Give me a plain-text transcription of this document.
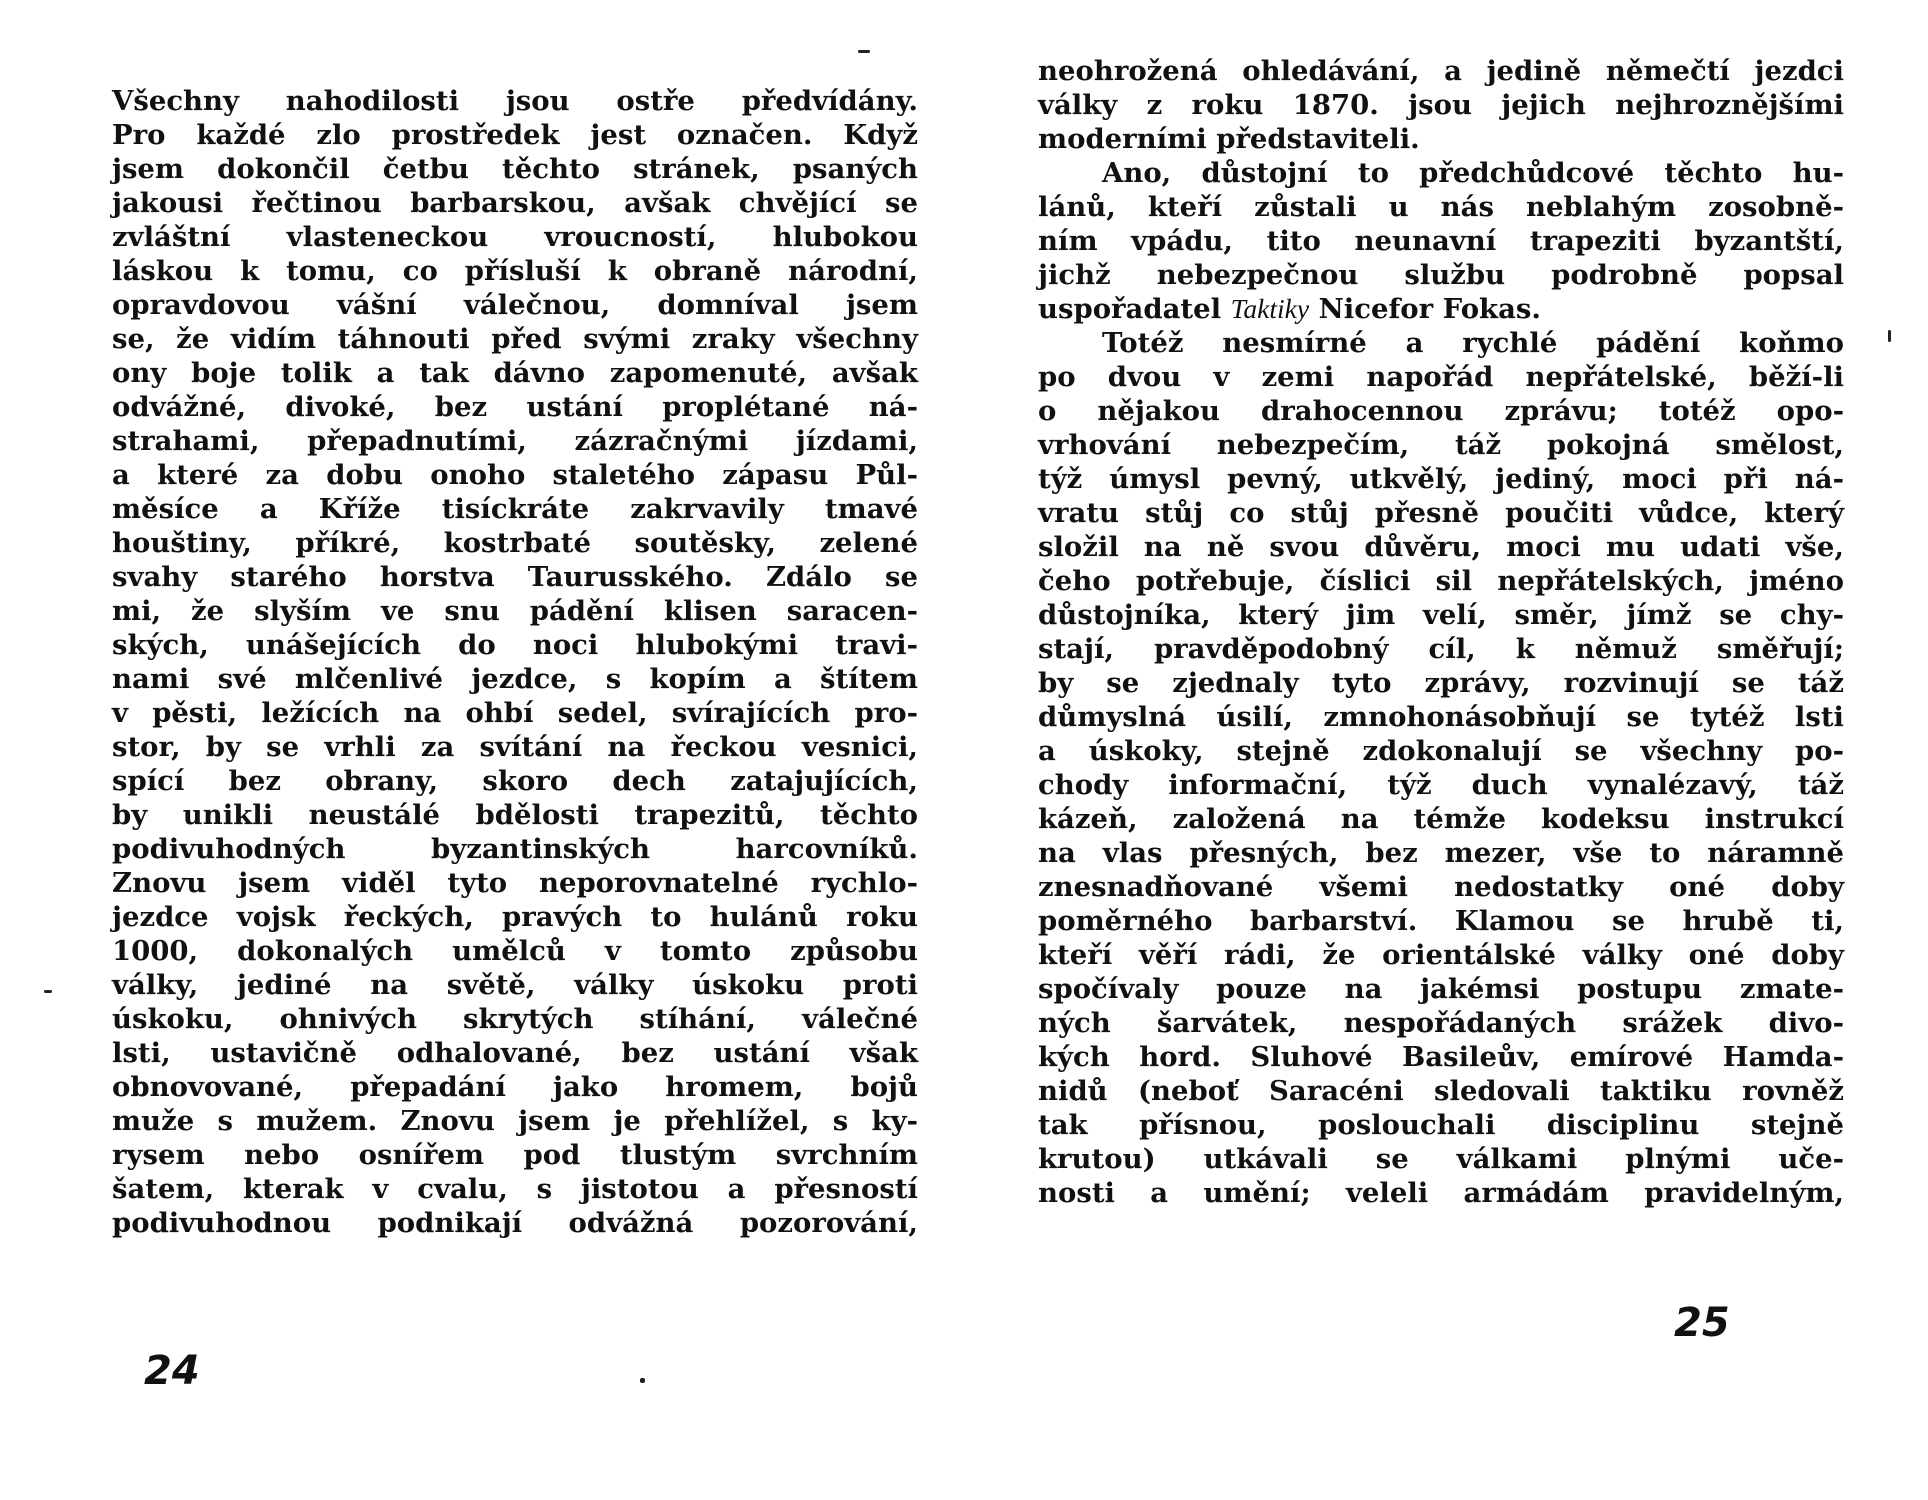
Všechny nahodilosti jsou ostře předvídány.
Pro každé zlo prostředek jest označen. Když
jsem dokončil četbu těchto stránek, psaných
jakousi řečtinou barbarskou, avšak chvějící se
zvláštní vlasteneckou vroucností, hlubokou
láskou k tomu, co přísluší k obraně národní,
opravdovou vášní válečnou, domníval jsem
se, že vidím táhnouti před svými zraky všechny
ony boje tolik a tak dávno zapomenuté, avšak
odvážné, divoké, bez ustání proplétané ná-
strahami, přepadnutími, zázračnými jízdami,
a které za dobu onoho staletého zápasu Půl-
měsíce a Kříže tisíckráte zakrvavily tmavé
houštiny, příkré, kostrbaté soutěsky, zelené
svahy starého horstva Taurusského. Zdálo se
mi, že slyším ve snu pádění klisen saracen-
ských, unášejících do noci hlubokými travi-
nami své mlčenlivé jezdce, s kopím a štítem
v pěsti, ležících na ohbí sedel, svírajících pro-
stor, by se vrhli za svítání na řeckou vesnici,
spící bez obrany, skoro dech zatajujících,
by unikli neustálé bdělosti trapezitů, těchto
podivuhodných byzantinských harcovníků.
Znovu jsem viděl tyto neporovnatelné rychlo-
jezdce vojsk řeckých, pravých to hulánů roku
1000, dokonalých umělců v tomto způsobu
války, jediné na světě, války úskoku proti
úskoku, ohnivých skrytých stíhání, válečné
lsti, ustavičně odhalované, bez ustání však
obnovované, přepadání jako hromem, bojů
muže s mužem. Znovu jsem je přehlížel, s ky-
rysem nebo osnířem pod tlustým svrchním
šatem, kterak v cvalu, s jistotou a přesností
podivuhodnou podnikají odvážná pozorování,
24
neohrožená ohledávání, a jedině němečtí jezdci
války z roku 1870. jsou jejich nejhroznějšími
moderními představiteli.
Ano, důstojní to předchůdcové těchto hu-
lánů, kteří zůstali u nás neblahým zosobně-
ním vpádu, tito neunavní trapeziti byzantští,
jichž nebezpečnou službu podrobně popsal
uspořadatel Taktiky Nicefor Fokas.
Totéž nesmírné a rychlé pádění koňmo
po dvou v zemi napořád nepřátelské, běží-li
o nějakou drahocennou zprávu; totéž opo-
vrhování nebezpečím, táž pokojná smělost,
týž úmysl pevný, utkvělý, jediný, moci při ná-
vratu stůj co stůj přesně poučiti vůdce, který
složil na ně svou důvěru, moci mu udati vše,
čeho potřebuje, číslici sil nepřátelských, jméno
důstojníka, který jim velí, směr, jímž se chy-
stají, pravděpodobný cíl, k němuž směřují;
by se zjednaly tyto zprávy, rozvinují se táž
důmyslná úsilí, zmnohonásobňují se tytéž lsti
a úskoky, stejně zdokonalují se všechny po-
chody informační, týž duch vynalézavý, táž
kázeň, založená na témže kodeksu instrukcí
na vlas přesných, bez mezer, vše to náramně
znesnadňované všemi nedostatky oné doby
poměrného barbarství. Klamou se hrubě ti,
kteří věří rádi, že orientálské války oné doby
spočívaly pouze na jakémsi postupu zmate-
ných šarvátek, nespořádaných srážek divo-
kých hord. Sluhové Basileův, emírové Hamda-
nidů (neboť Saracéni sledovali taktiku rovněž
tak přísnou, poslouchali disciplinu stejně
krutou) utkávali se válkami plnými uče-
nosti a umění; veleli armádám pravidelným,
25
